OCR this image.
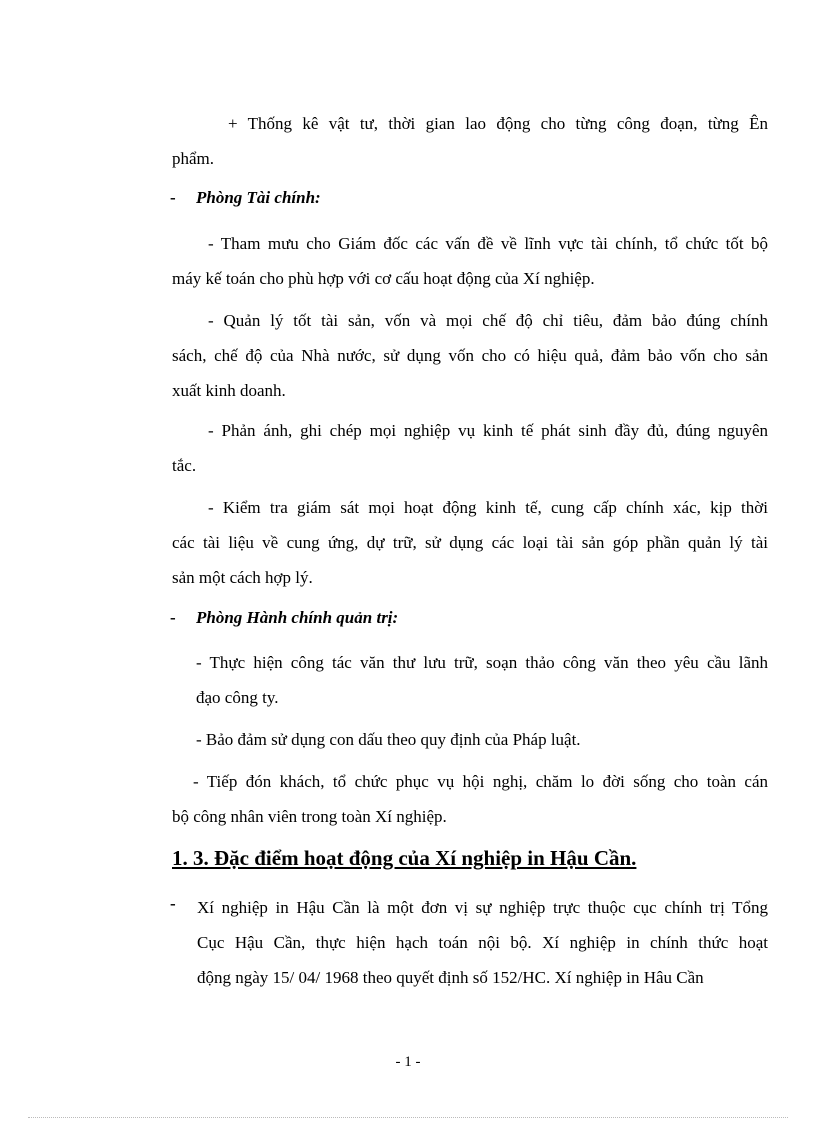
+ Thống kê vật tư, thời gian lao động cho từng công đoạn, từng Ên
phẩm.

- Phòng Tài chính:

- Tham mưu cho Giám đốc các vấn đề về lĩnh vực tài chính, tổ chức tốt bộ
máy kế toán cho phù hợp với cơ cấu hoạt động của Xí nghiệp.

- Quản lý tốt tài sản, vốn và mọi chế độ chỉ tiêu, đảm bảo đúng chính
sách, chế độ của Nhà nước, sử dụng vốn cho có hiệu quả, đảm bảo vốn cho sản
xuất kinh doanh.

- Phản ánh, ghi chép mọi nghiệp vụ kinh tế phát sinh đầy đủ, đúng nguyên
tắc.

- Kiểm tra giám sát mọi hoạt động kinh tế, cung cấp chính xác, kịp thời
các tài liệu về cung ứng, dự trữ, sử dụng các loại tài sản góp phần quản lý tài
sản một cách hợp lý.

- Phòng Hành chính quản trị:

- Thực hiện công tác văn thư lưu trữ, soạn thảo công văn theo yêu cầu lãnh
đạo công ty.

- Bảo đảm sử dụng con dấu theo quy định của Pháp luật.

- Tiếp đón khách, tổ chức phục vụ hội nghị, chăm lo đời sống cho toàn cán
bộ công nhân viên trong toàn Xí nghiệp.

1. 3. Đặc điểm hoạt động của Xí nghiệp in Hậu Cần.
- Xí nghiệp in Hậu Cần là một đơn vị sự nghiệp trực thuộc cục chính trị Tổng
Cục Hậu Cần, thực hiện hạch toán nội bộ. Xí nghiệp in chính thức hoạt
động ngày 15/ 04/ 1968 theo quyết định số 152/HC. Xí nghiệp in Hâu Cần

- 1 -
